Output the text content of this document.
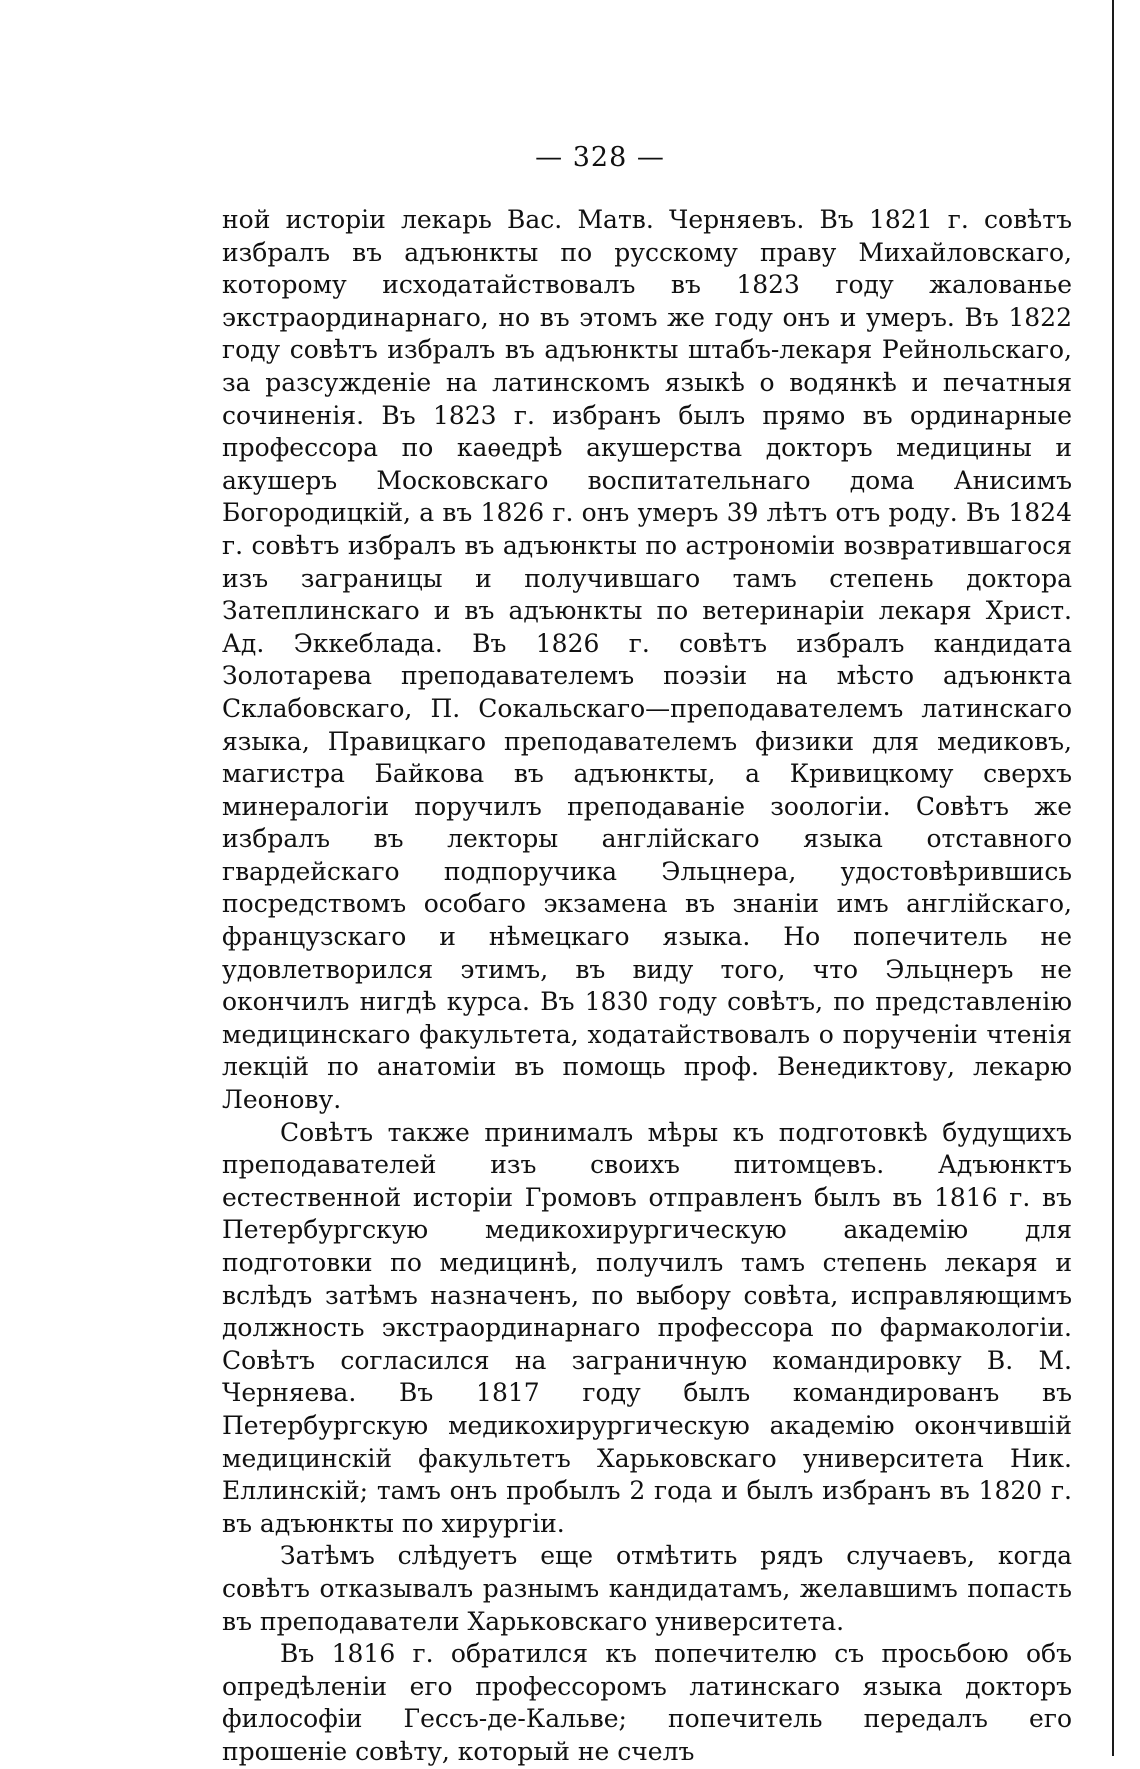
— 328 —

ной исторіи лекарь Вас. Матв. Черняевъ. Въ 1821 г. совѣтъ избралъ въ адъюнкты по русскому праву Михайловскаго, которому исходатайствовалъ въ 1823 году жалованье экстраординарнаго, но въ этомъ же году онъ и умеръ. Въ 1822 году совѣтъ избралъ въ адъюнкты штабъ-лекаря Рейнольскаго, за разсужденіе на латинскомъ языкѣ о водянкѣ и печатныя сочиненія. Въ 1823 г. избранъ былъ прямо въ ординарные профессора по каѳедрѣ акушерства докторъ медицины и акушеръ Московскаго воспитательнаго дома Анисимъ Богородицкій, а въ 1826 г. онъ умеръ 39 лѣтъ отъ роду. Въ 1824 г. совѣтъ избралъ въ адъюнкты по астрономіи возвратившагося изъ заграницы и получившаго тамъ степень доктора Затеплинскаго и въ адъюнкты по ветеринаріи лекаря Христ. Ад. Эккеблада. Въ 1826 г. совѣтъ избралъ кандидата Золотарева преподавателемъ поэзіи на мѣсто адъюнкта Склабовскаго, П. Сокальскаго—преподавателемъ латинскаго языка, Правицкаго преподавателемъ физики для медиковъ, магистра Байкова въ адъюнкты, а Кривицкому сверхъ минералогіи поручилъ преподаваніе зоологіи. Совѣтъ же избралъ въ лекторы англійскаго языка отставного гвардейскаго подпоручика Эльцнера, удостовѣрившись посредствомъ особаго экзамена въ знаніи имъ англійскаго, французскаго и нѣмецкаго языка. Но попечитель не удовлетворился этимъ, въ виду того, что Эльцнеръ не окончилъ нигдѣ курса. Въ 1830 году совѣтъ, по представленію медицинскаго факультета, ходатайствовалъ о порученіи чтенія лекцій по анатоміи въ помощь проф. Венедиктову, лекарю Леонову.

Совѣтъ также принималъ мѣры къ подготовкѣ будущихъ преподавателей изъ своихъ питомцевъ. Адъюнктъ естественной исторіи Громовъ отправленъ былъ въ 1816 г. въ Петербургскую медикохирургическую академію для подготовки по медицинѣ, получилъ тамъ степень лекаря и вслѣдъ затѣмъ назначенъ, по выбору совѣта, исправляющимъ должность экстраординарнаго профессора по фармакологіи. Совѣтъ согласился на заграничную командировку В. М. Черняева. Въ 1817 году былъ командированъ въ Петербургскую медикохирургическую академію окончившій медицинскій факультетъ Харьковскаго университета Ник. Еллинскій; тамъ онъ пробылъ 2 года и былъ избранъ въ 1820 г. въ адъюнкты по хирургіи.

Затѣмъ слѣдуетъ еще отмѣтить рядъ случаевъ, когда совѣтъ отказывалъ разнымъ кандидатамъ, желавшимъ попасть въ преподаватели Харьковскаго университета.

Въ 1816 г. обратился къ попечителю съ просьбою объ опредѣленіи его профессоромъ латинскаго языка докторъ философіи Гессъ-де-Кальве; попечитель передалъ его прошеніе совѣту, который не счелъ
